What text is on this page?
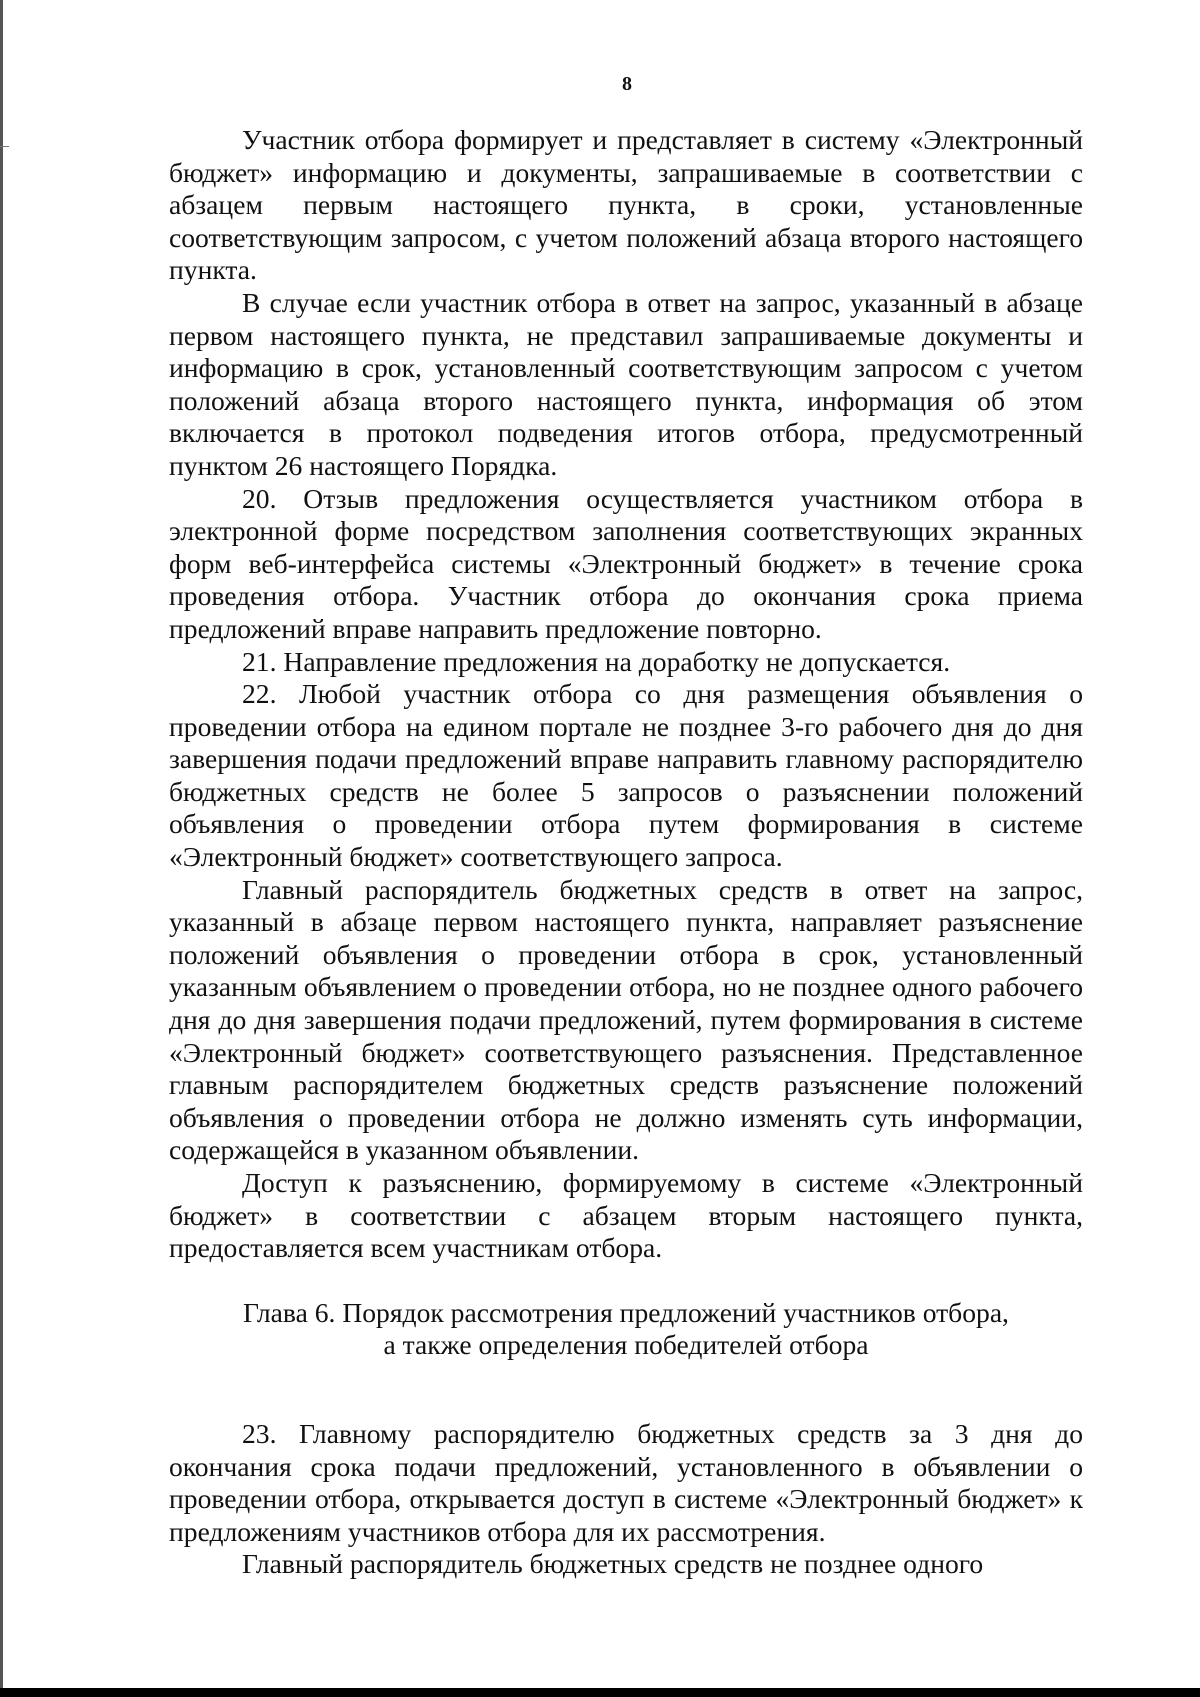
8

Участник отбора формирует и представляет в систему «Электронный бюджет» информацию и документы, запрашиваемые в соответствии с абзацем первым настоящего пункта, в сроки, установленные соответствующим запросом, с учетом положений абзаца второго настоящего пункта.

В случае если участник отбора в ответ на запрос, указанный в абзаце первом настоящего пункта, не представил запрашиваемые документы и информацию в срок, установленный соответствующим запросом с учетом положений абзаца второго настоящего пункта, информация об этом включается в протокол подведения итогов отбора, предусмотренный пунктом 26 настоящего Порядка.

20. Отзыв предложения осуществляется участником отбора в электронной форме посредством заполнения соответствующих экранных форм веб-интерфейса системы «Электронный бюджет» в течение срока проведения отбора. Участник отбора до окончания срока приема предложений вправе направить предложение повторно.

21. Направление предложения на доработку не допускается.

22. Любой участник отбора со дня размещения объявления о проведении отбора на едином портале не позднее 3-го рабочего дня до дня завершения подачи предложений вправе направить главному распорядителю бюджетных средств не более 5 запросов о разъяснении положений объявления о проведении отбора путем формирования в системе «Электронный бюджет» соответствующего запроса.

Главный распорядитель бюджетных средств в ответ на запрос, указанный в абзаце первом настоящего пункта, направляет разъяснение положений объявления о проведении отбора в срок, установленный указанным объявлением о проведении отбора, но не позднее одного рабочего дня до дня завершения подачи предложений, путем формирования в системе «Электронный бюджет» соответствующего разъяснения. Представленное главным распорядителем бюджетных средств разъяснение положений объявления о проведении отбора не должно изменять суть информации, содержащейся в указанном объявлении.

Доступ к разъяснению, формируемому в системе «Электронный бюджет» в соответствии с абзацем вторым настоящего пункта, предоставляется всем участникам отбора.

Глава 6. Порядок рассмотрения предложений участников отбора,
а также определения победителей отбора

23. Главному распорядителю бюджетных средств за 3 дня до окончания срока подачи предложений, установленного в объявлении о проведении отбора, открывается доступ в системе «Электронный бюджет» к предложениям участников отбора для их рассмотрения.

Главный распорядитель бюджетных средств не позднее одного
